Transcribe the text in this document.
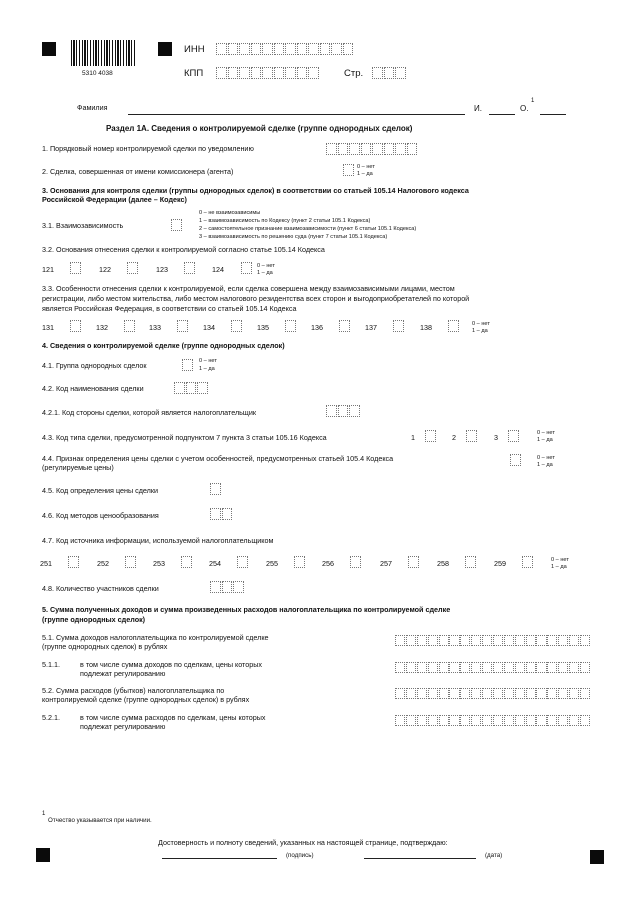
5310 4038
ИНН
КПП	Стр.
Фамилия	И.	О.
1
Раздел 1А. Сведения о контролируемой сделке (группе однородных сделок)
1. Порядковый номер контролируемой сделки по уведомлению
2. Сделка, совершенная от имени комиссионера (агента)	0 – нет
1 – да
3. Основания для контроля сделки (группы однородных сделок) в соответствии со статьей 105.14 Налогового кодекса
Российской Федерации (далее – Кодекс)
3.1. Взаимозависимость
0 – не взаимозависимы
1 – взаимозависимость по Кодексу (пункт 2 статьи 105.1 Кодекса)
2 – самостоятельное признание взаимозависимости (пункт 6 статьи 105.1 Кодекса)
3 – взаимозависимость по решению суда (пункт 7 статьи 105.1 Кодекса)
3.2. Основания отнесения сделки к контролируемой согласно статье 105.14 Кодекса
121	122	123	124	0 – нет
1 – да
3.3. Особенности отнесения сделки к контролируемой, если сделка совершена между взаимозависимыми лицами, местом
регистрации, либо местом жительства, либо местом налогового резидентства всех сторон и выгодоприобретателей по которой
является Российская Федерация, в соответствии со статьей 105.14 Кодекса
131	132	133	134	135	136	137	138	0 – нет
1 – да
4. Сведения о контролируемой сделке (группе однородных сделок)
4.1. Группа однородных сделок	0 – нет
1 – да
4.2. Код наименования сделки
4.2.1. Код стороны сделки, которой является налогоплательщик
4.3. Код типа сделки, предусмотренной подпунктом 7 пункта 3 статьи 105.16 Кодекса	1	2	3	0 – нет
1 – да
4.4. Признак определения цены сделки с учетом особенностей, предусмотренных статьей 105.4 Кодекса
(регулируемые цены)
0 – нет
1 – да
4.5. Код определения цены сделки
4.6. Код методов ценообразования
4.7. Код источника информации, используемой налогоплательщиком
251	252	253	254	255	256	257	258	259	0 – нет
1 – да
4.8. Количество участников сделки
5. Сумма полученных доходов и сумма произведенных расходов налогоплательщика по контролируемой сделке
(группе однородных сделок)
5.1. Сумма доходов налогоплательщика по контролируемой сделке
(группе однородных сделок) в рублях
5.1.1.	в том числе сумма доходов по сделкам, цены которых
подлежат регулированию
5.2. Сумма расходов (убытков) налогоплательщика по
контролируемой сделке (группе однородных сделок) в рублях
5.2.1.	в том числе сумма расходов по сделкам, цены которых
подлежат регулированию
1
Отчество указывается при наличии.
Достоверность и полноту сведений, указанных на настоящей странице, подтверждаю:
(подпись)	(дата)
